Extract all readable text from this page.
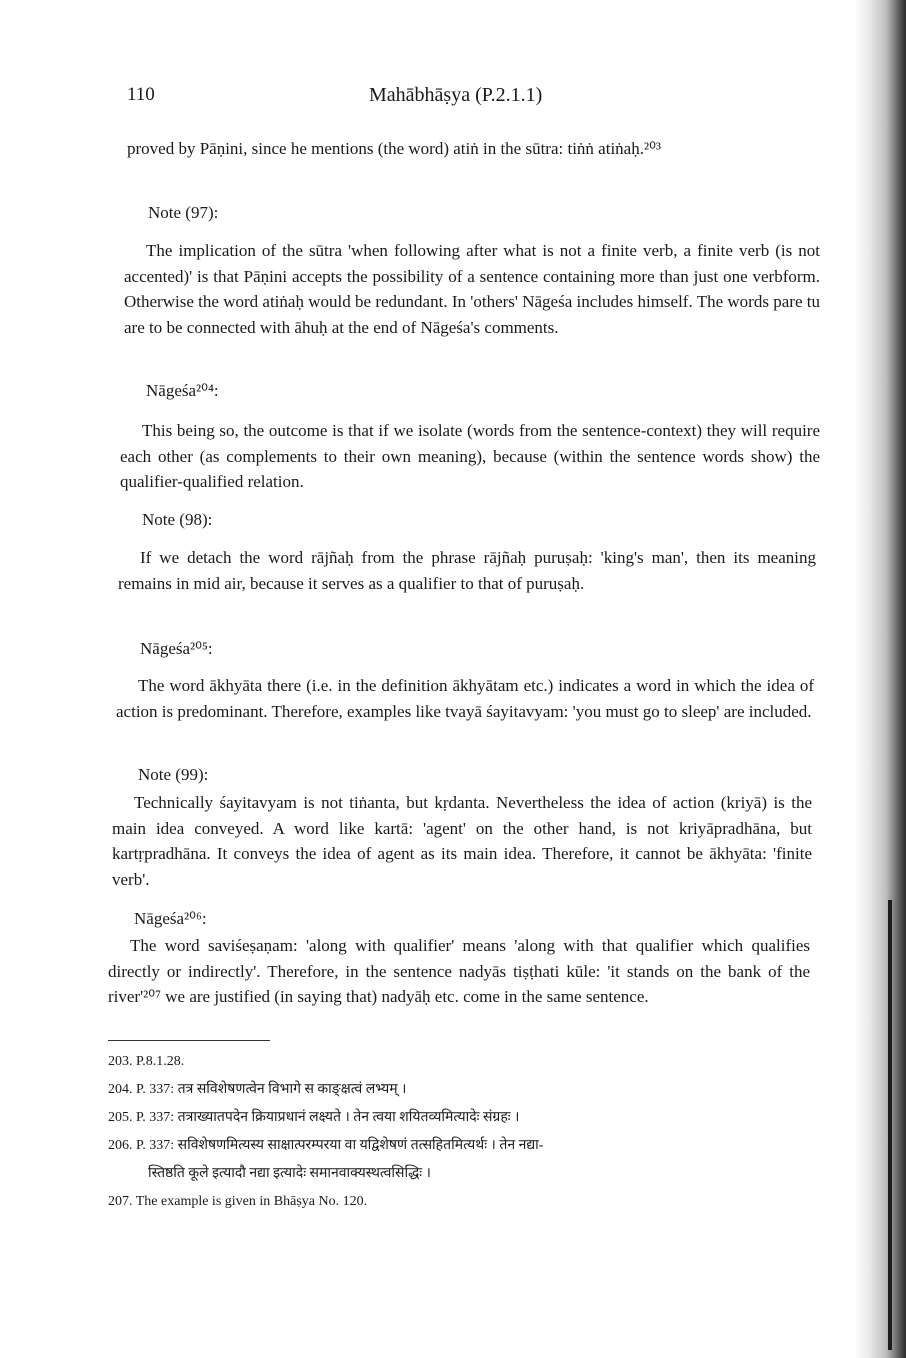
110	Mahābhāṣya (P.2.1.1)
proved by Pāṇini, since he mentions (the word) atiṅ in the sūtra: tiṅṅ atiṅaḥ.²⁰³
Note (97):
The implication of the sūtra 'when following after what is not a finite verb, a finite verb (is not accented)' is that Pāṇini accepts the possibility of a sentence containing more than just one verbform. Otherwise the word atiṅaḥ would be redundant. In 'others' Nāgeśa includes himself. The words pare tu are to be connected with āhuḥ at the end of Nāgeśa's comments.
Nāgeśa²⁰⁴:
This being so, the outcome is that if we isolate (words from the sentence-context) they will require each other (as complements to their own meaning), because (within the sentence words show) the qualifier-qualified relation.
Note (98):
If we detach the word rājñaḥ from the phrase rājñaḥ puruṣaḥ: 'king's man', then its meaning remains in mid air, because it serves as a qualifier to that of puruṣaḥ.
Nāgeśa²⁰⁵:
The word ākhyāta there (i.e. in the definition ākhyātam etc.) indicates a word in which the idea of action is predominant. Therefore, examples like tvayā śayitavyam: 'you must go to sleep' are included.
Note (99):
Technically śayitavyam is not tiṅanta, but kṛdanta. Nevertheless the idea of action (kriyā) is the main idea conveyed. A word like kartā: 'agent' on the other hand, is not kriyāpradhāna, but kartṛpradhāna. It conveys the idea of agent as its main idea. Therefore, it cannot be ākhyāta: 'finite verb'.
Nāgeśa²⁰⁶:
The word saviśeṣaṇam: 'along with qualifier' means 'along with that qualifier which qualifies directly or indirectly'. Therefore, in the sentence nadyās tiṣṭhati kūle: 'it stands on the bank of the river'²⁰⁷ we are justified (in saying that) nadyāḥ etc. come in the same sentence.
203. P.8.1.28.
204. P. 337: तत्र सविशेषणत्वेन विभागे स काङ्क्षत्वं लभ्यम् ।
205. P. 337: तत्राख्यातपदेन क्रियाप्रधानं लक्ष्यते । तेन त्वया शयितव्यमित्यादेः संग्रहः ।
206. P. 337: सविशेषणमित्यस्य साक्षात्परम्परया वा यद्विशेषणं तत्सहितमित्यर्थः । तेन नद्या-
स्तिष्ठति कूले इत्यादौ नद्या इत्यादेः समानवाक्यस्थत्वसिद्धिः ।
207. The example is given in Bhāṣya No. 120.
